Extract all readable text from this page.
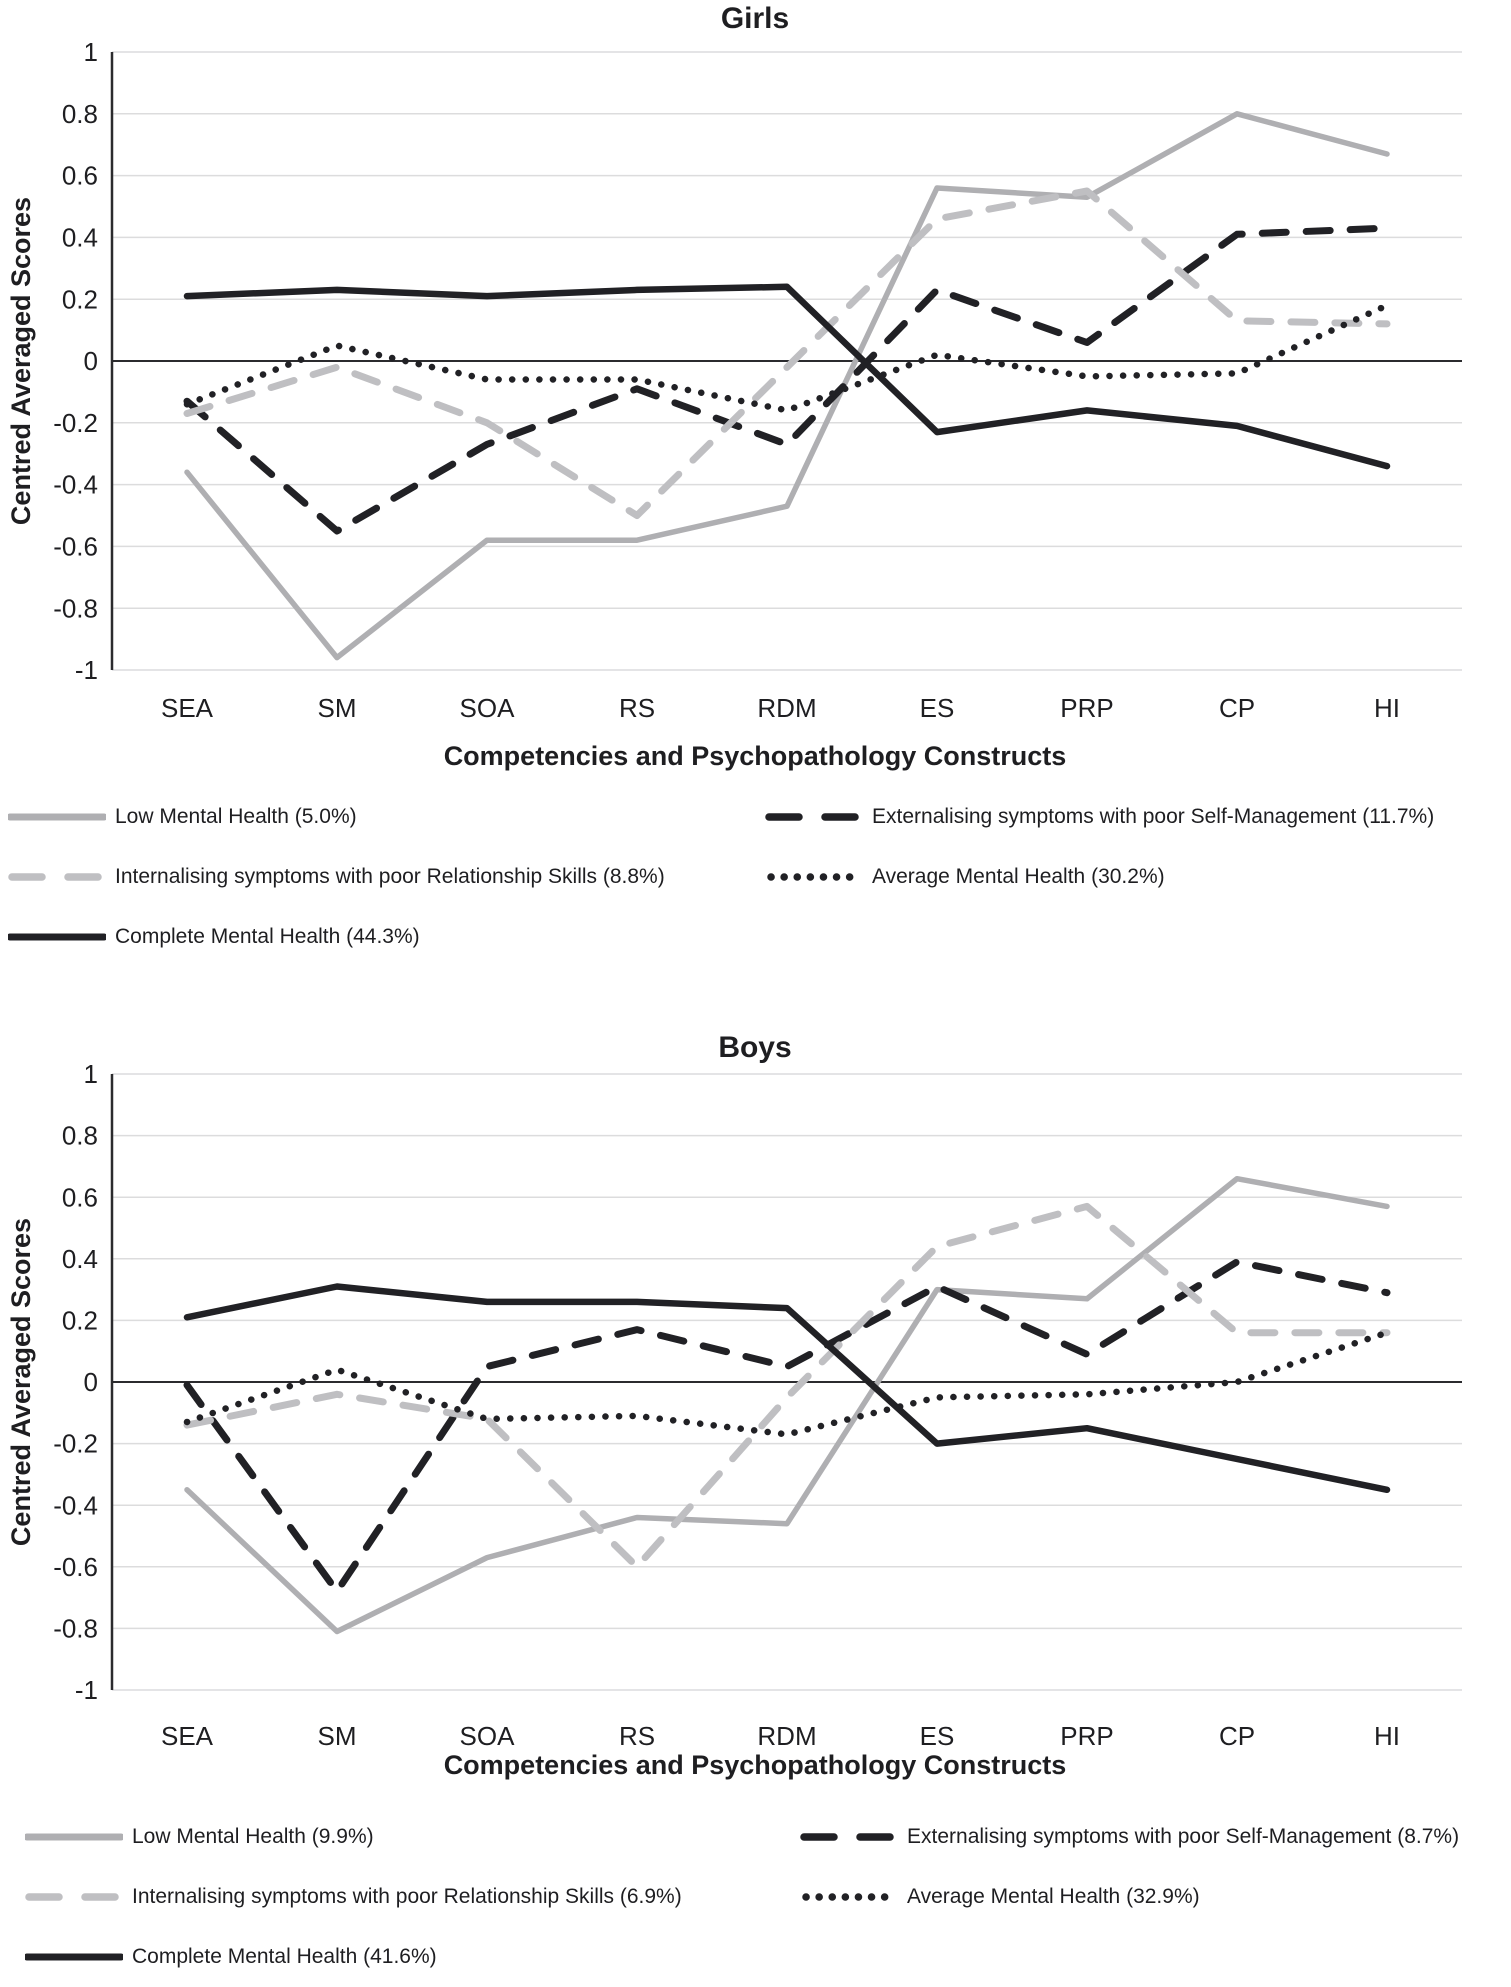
Girls
Centred Averaged Scores
1
0.8
0.6
0.4
0.2
0
-0.2
-0.4
-0.6
-0.8
-1
SEA	SM	SOA	RS	RDM	ES	PRP	CP	HI
Competencies and Psychopathology Constructs
Low Mental Health (5.0%)	Externalising symptoms with poor Self-Management (11.7%)
Internalising symptoms with poor Relationship Skills (8.8%)	Average Mental Health (30.2%)
Complete Mental Health (44.3%)
Boys
Centred Averaged Scores
1
0.8
0.6
0.4
0.2
0
-0.2
-0.4
-0.6
-0.8
-1
SEA	SM	SOA	RS	RDM	ES	PRP	CP	HI
Competencies and Psychopathology Constructs
Low Mental Health (9.9%)	Externalising symptoms with poor Self-Management (8.7%)
Internalising symptoms with poor Relationship Skills (6.9%)	Average Mental Health (32.9%)
Complete Mental Health (41.6%)
